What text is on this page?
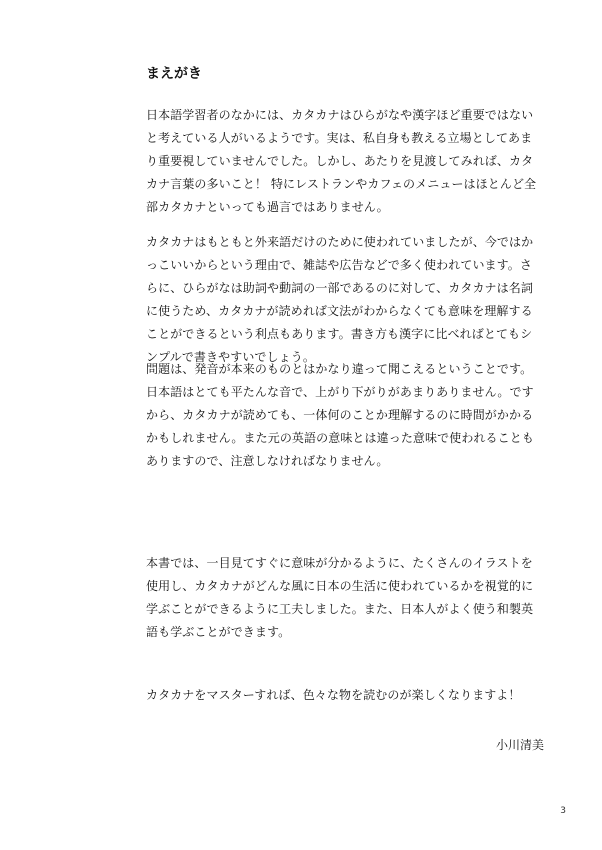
まえがき

日本語学習者のなかには、カタカナはひらがなや漢字ほど重要ではないと考えている人がいるようです。実は、私自身も教える立場としてあまり重要視していませんでした。しかし、あたりを見渡してみれば、カタカナ言葉の多いこと！ 特にレストランやカフェのメニューはほとんど全部カタカナといっても過言ではありません。

カタカナはもともと外来語だけのために使われていましたが、今ではかっこいいからという理由で、雑誌や広告などで多く使われています。さらに、ひらがなは助詞や動詞の一部であるのに対して、カタカナは名詞に使うため、カタカナが読めれば文法がわからなくても意味を理解することができるという利点もあります。書き方も漢字に比べればとてもシンプルで書きやすいでしょう。

問題は、発音が本来のものとはかなり違って聞こえるということです。日本語はとても平たんな音で、上がり下がりがあまりありません。ですから、カタカナが読めても、一体何のことか理解するのに時間がかかるかもしれません。また元の英語の意味とは違った意味で使われることもありますので、注意しなければなりません。

本書では、一目見てすぐに意味が分かるように、たくさんのイラストを使用し、カタカナがどんな風に日本の生活に使われているかを視覚的に学ぶことができるように工夫しました。また、日本人がよく使う和製英語も学ぶことができます。

カタカナをマスターすれば、色々な物を読むのが楽しくなりますよ！

小川清美

3
